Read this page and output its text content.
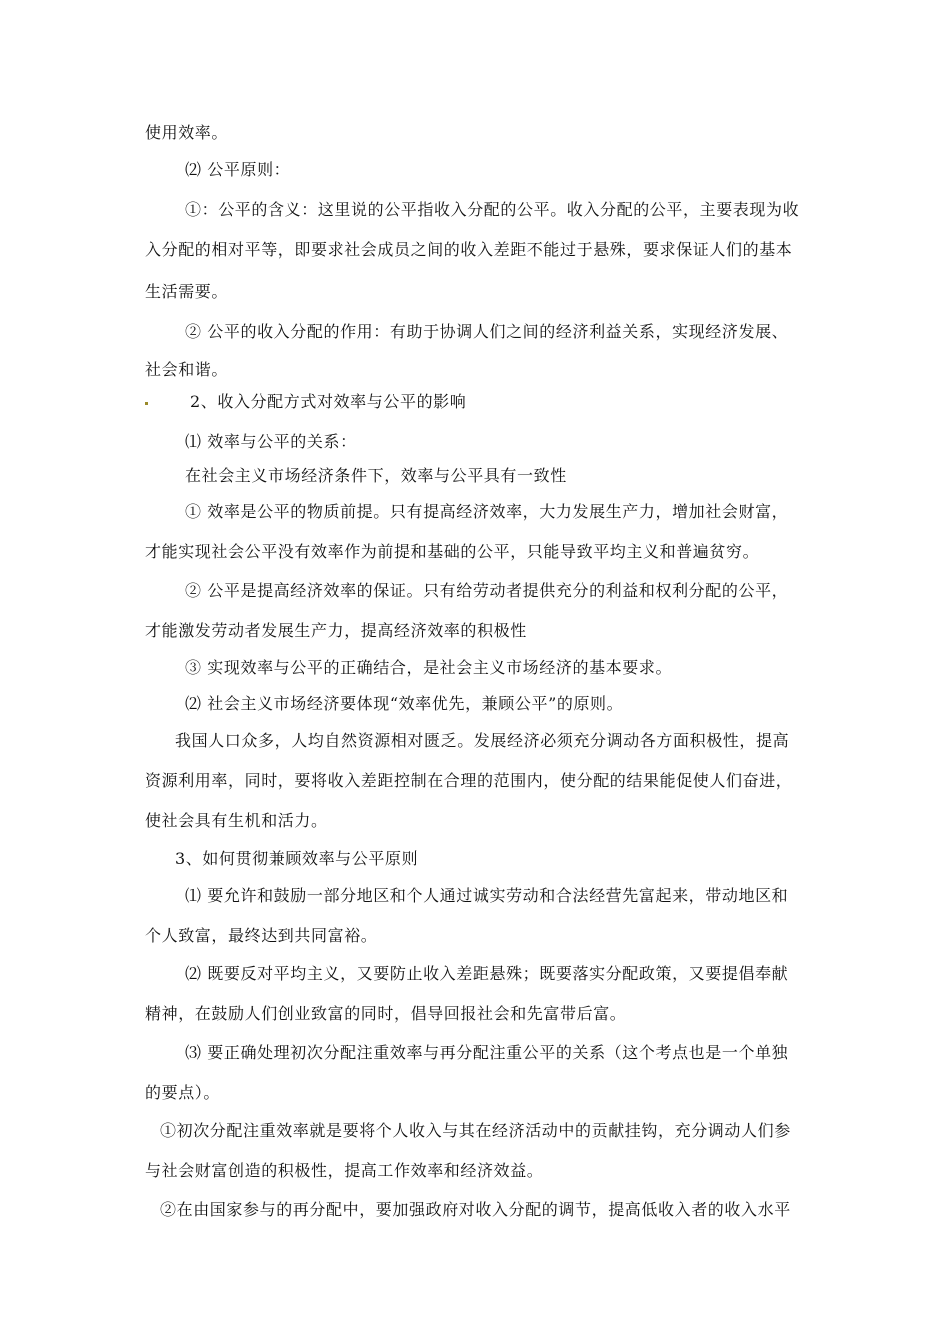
使用效率。
⑵ 公平原则：
①：公平的含义：这里说的公平指收入分配的公平。收入分配的公平，主要表现为收
入分配的相对平等，即要求社会成员之间的收入差距不能过于悬殊，要求保证人们的基本
生活需要。
② 公平的收入分配的作用：有助于协调人们之间的经济利益关系，实现经济发展、
社会和谐。
2、收入分配方式对效率与公平的影响
⑴ 效率与公平的关系：
在社会主义市场经济条件下，效率与公平具有一致性
① 效率是公平的物质前提。只有提高经济效率，大力发展生产力，增加社会财富，
才能实现社会公平没有效率作为前提和基础的公平，只能导致平均主义和普遍贫穷。
② 公平是提高经济效率的保证。只有给劳动者提供充分的利益和权利分配的公平，
才能激发劳动者发展生产力，提高经济效率的积极性
③ 实现效率与公平的正确结合，是社会主义市场经济的基本要求。
⑵ 社会主义市场经济要体现“效率优先，兼顾公平”的原则。
我国人口众多，人均自然资源相对匮乏。发展经济必须充分调动各方面积极性，提高
资源利用率，同时，要将收入差距控制在合理的范围内，使分配的结果能促使人们奋进，
使社会具有生机和活力。
3、如何贯彻兼顾效率与公平原则
⑴ 要允许和鼓励一部分地区和个人通过诚实劳动和合法经营先富起来，带动地区和
个人致富，最终达到共同富裕。
⑵ 既要反对平均主义，又要防止收入差距悬殊；既要落实分配政策，又要提倡奉献
精神，在鼓励人们创业致富的同时，倡导回报社会和先富带后富。
⑶ 要正确处理初次分配注重效率与再分配注重公平的关系（这个考点也是一个单独
的要点）。
①初次分配注重效率就是要将个人收入与其在经济活动中的贡献挂钩，充分调动人们参
与社会财富创造的积极性，提高工作效率和经济效益。
②在由国家参与的再分配中，要加强政府对收入分配的调节，提高低收入者的收入水平
